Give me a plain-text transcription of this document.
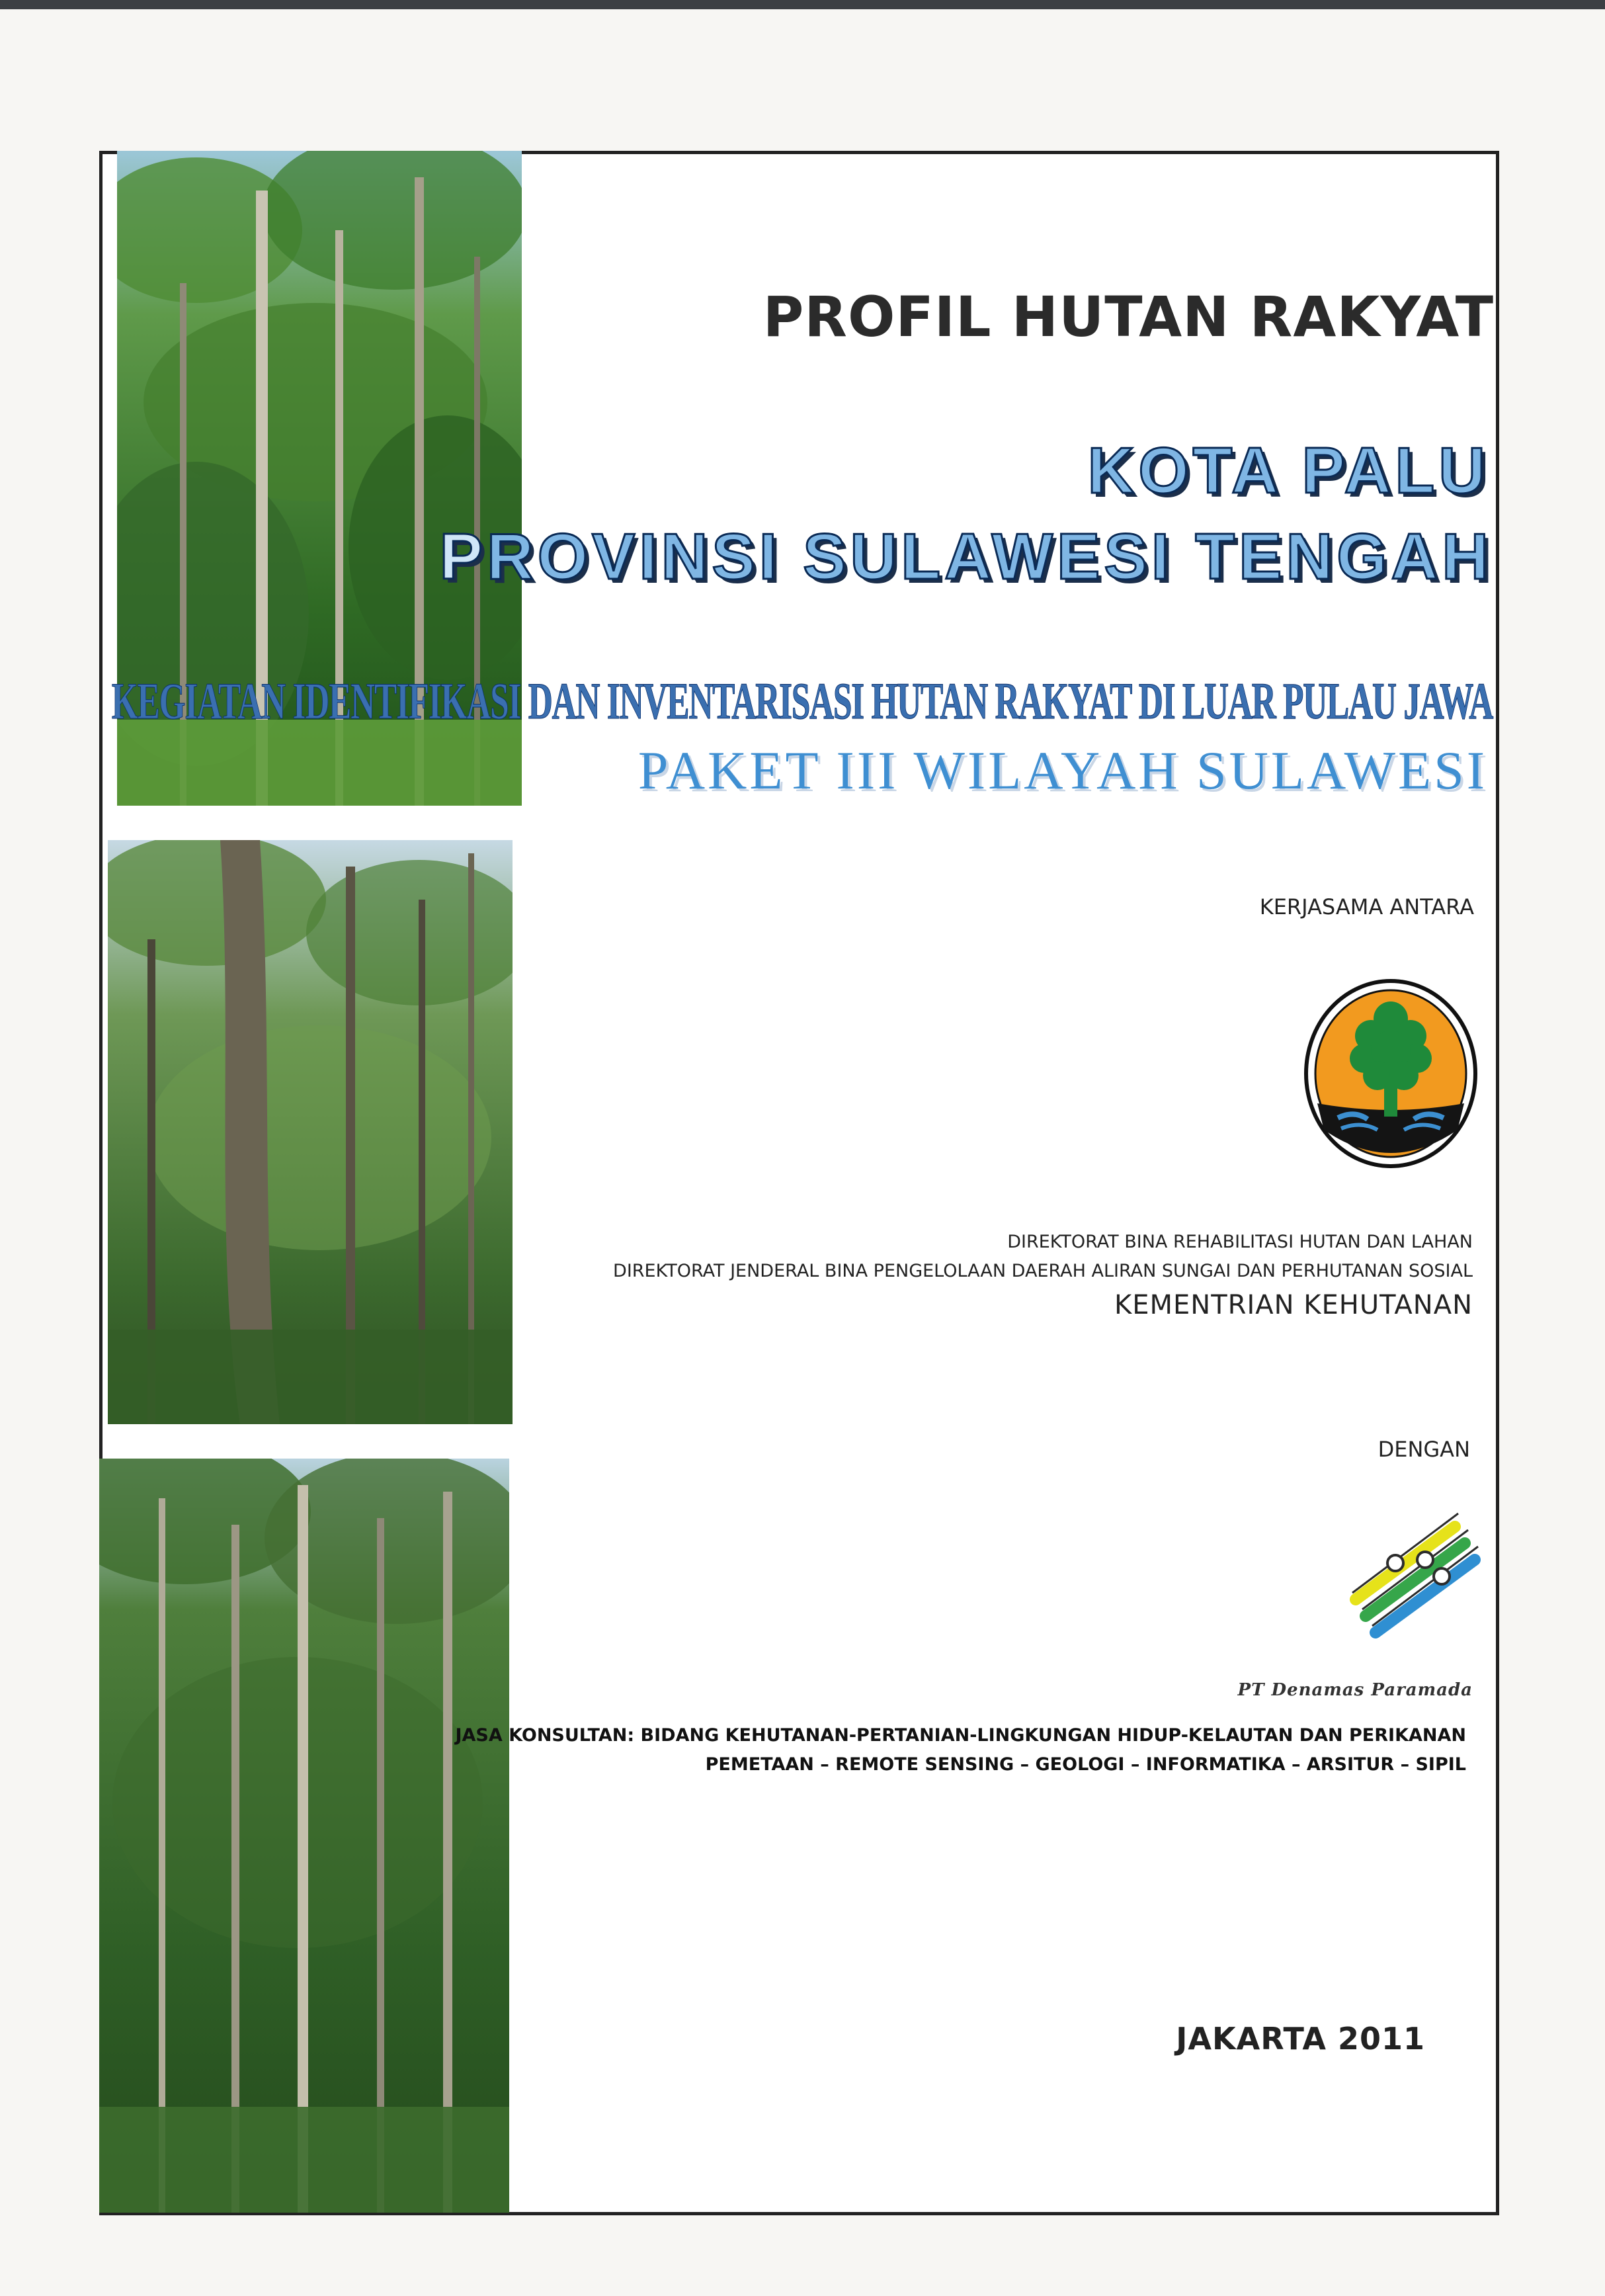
PROFIL HUTAN RAKYAT
KOTA PALU
PROVINSI SULAWESI TENGAH
KEGIATAN IDENTIFIKASI DAN INVENTARISASI HUTAN RAKYAT DI LUAR PULAU JAWA
PAKET III WILAYAH SULAWESI
KERJASAMA ANTARA
DIREKTORAT BINA REHABILITASI HUTAN DAN LAHAN
DIREKTORAT JENDERAL BINA PENGELOLAAN DAERAH ALIRAN SUNGAI DAN PERHUTANAN SOSIAL
KEMENTRIAN KEHUTANAN
DENGAN
PT Denamas Paramada
JASA KONSULTAN: BIDANG KEHUTANAN-PERTANIAN-LINGKUNGAN HIDUP-KELAUTAN DAN PERIKANAN
PEMETAAN – REMOTE SENSING – GEOLOGI – INFORMATIKA – ARSITUR – SIPIL
JAKARTA 2011
